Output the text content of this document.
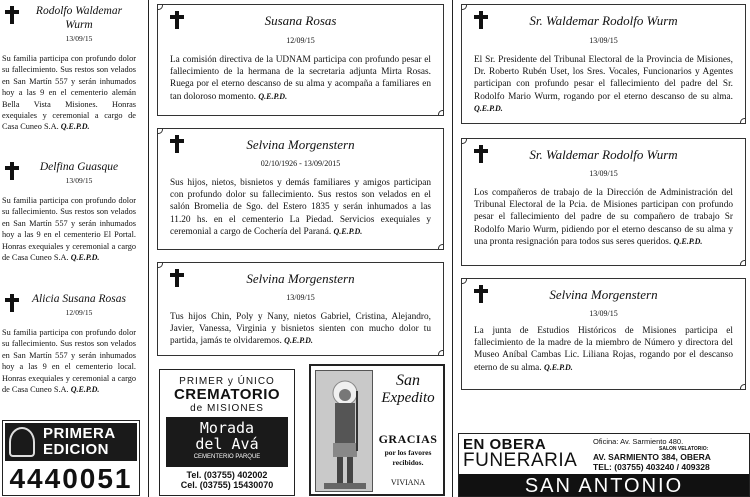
Rodolfo Waldemar Wurm
13/09/15
Su familia participa con profundo dolor su fallecimiento. Sus restos son velados en San Martín 557 y serán inhumados hoy a las 9 en el cementerio alemán Bella Vista Misiones. Honras exequiales y ceremonial a cargo de Casa Cuneo S.A. Q.E.P.D.
Delfina Guasque
13/09/15
Su familia participa con profundo dolor su fallecimiento. Sus restos son velados en San Martín 557 y serán inhumados hoy a las 9 en el cementerio El Portal. Honras exequiales y ceremonial a cargo de Casa Cuneo S.A. Q.E.P.D.
Alicia Susana Rosas
12/09/15
Su familia participa con profundo dolor su fallecimiento. Sus restos son velados en San Martín 557 y serán inhumados hoy a las 9 en el cementerio local. Honras exequiales y ceremonial a cargo de Casa Cuneo S.A. Q.E.P.D.
PRIMERA
EDICION
4440051
Susana Rosas
12/09/15
La comisión directiva de la UDNAM participa con profundo pesar el fallecimiento de la hermana de la secretaria adjunta Mirta Rosas. Ruega por el eterno descanso de su alma y acompaña a familiares en tan doloroso momento. Q.E.P.D.
Selvina Morgenstern
02/10/1926 - 13/09/2015
Sus hijos, nietos, bisnietos y demás familiares y amigos participan con profundo dolor su fallecimiento. Sus restos son velados en el salón Bromelia de Sgo. del Estero 1835 y serán inhumados a las 11.20 hs. en el cementerio La Piedad. Servicios exequiales y ceremonial a cargo de Cochería del Paraná. Q.E.P.D.
Selvina Morgenstern
13/09/15
Tus hijos Chin, Poly y Nany, nietos Gabriel, Cristina, Alejandro, Javier, Vanessa, Virginia y bisnietos sienten con mucho dolor tu partida, jamás te olvidaremos. Q.E.P.D.
PRIMER y ÚNICO
CREMATORIO
de MISIONES
Morada
del Avá
CEMENTERIO PARQUE
Tel. (03755) 402002
Cel. (03755) 15430070
San
Expedito
GRACIAS
por los favores
recibidos.
VIVIANA
Sr. Waldemar Rodolfo Wurm
13/09/15
El Sr. Presidente del Tribunal Electoral de la Provincia de Misiones, Dr. Roberto Rubén Uset, los Sres. Vocales, Funcionarios y Agentes participan con profundo pesar el fallecimiento del padre del Sr. Rodolfo Mario Wurm, rogando por el eterno descanso de su alma. Q.E.P.D.
Sr. Waldemar Rodolfo Wurm
13/09/15
Los compañeros de trabajo de la Dirección de Administración del Tribunal Electoral de la Pcia. de Misiones participan con profundo pesar el fallecimiento del padre de su compañero de trabajo Sr Rodolfo Mario Wurm, pidiendo por el eterno descanso de su alma y una pronta resignación para todos sus seres queridos. Q.E.P.D.
Selvina Morgenstern
13/09/15
La junta de Estudios Históricos de Misiones participa el fallecimiento de la madre de la miembro de Número y directora del Museo Aníbal Cambas Lic. Liliana Rojas, rogando por el descanso eterno de su alma. Q.E.P.D.
EN OBERA
FUNERARIA
Oficina: Av. Sarmiento 480.
SALON VELATORIO:
AV. SARMIENTO 384, OBERA
TEL: (03755) 403240 / 409328
SAN ANTONIO
